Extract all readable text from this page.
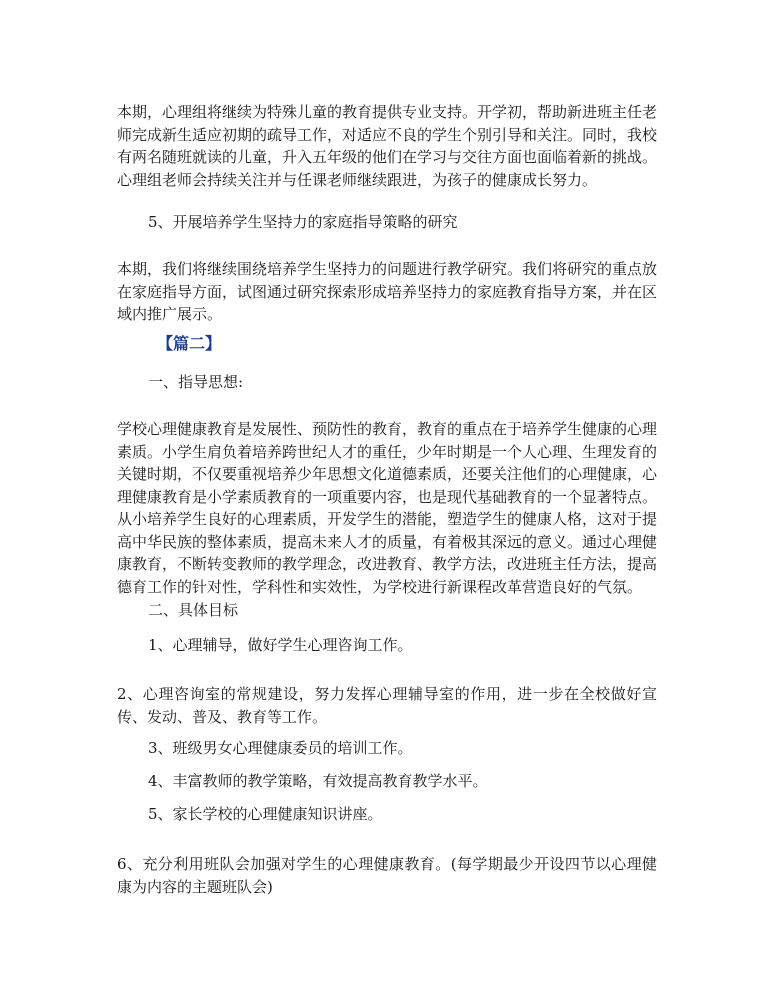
本期，心理组将继续为特殊儿童的教育提供专业支持。开学初，帮助新进班主任老师完成新生适应初期的疏导工作，对适应不良的学生个别引导和关注。同时，我校有两名随班就读的儿童，升入五年级的他们在学习与交往方面也面临着新的挑战。心理组老师会持续关注并与任课老师继续跟进，为孩子的健康成长努力。

5、开展培养学生坚持力的家庭指导策略的研究

本期，我们将继续围绕培养学生坚持力的问题进行教学研究。我们将研究的重点放在家庭指导方面，试图通过研究探索形成培养坚持力的家庭教育指导方案，并在区域内推广展示。

【篇二】

一、指导思想:

学校心理健康教育是发展性、预防性的教育，教育的重点在于培养学生健康的心理素质。小学生肩负着培养跨世纪人才的重任，少年时期是一个人心理、生理发育的关键时期，不仅要重视培养少年思想文化道德素质，还要关注他们的心理健康，心理健康教育是小学素质教育的一项重要内容，也是现代基础教育的一个显著特点。从小培养学生良好的心理素质，开发学生的潜能，塑造学生的健康人格，这对于提高中华民族的整体素质，提高未来人才的质量，有着极其深远的意义。通过心理健康教育，不断转变教师的教学理念，改进教育、教学方法，改进班主任方法，提高德育工作的针对性，学科性和实效性，为学校进行新课程改革营造良好的气氛。

二、具体目标

1、心理辅导，做好学生心理咨询工作。

2、心理咨询室的常规建设，努力发挥心理辅导室的作用，进一步在全校做好宣传、发动、普及、教育等工作。

3、班级男女心理健康委员的培训工作。

4、丰富教师的教学策略，有效提高教育教学水平。

5、家长学校的心理健康知识讲座。

6、充分利用班队会加强对学生的心理健康教育。(每学期最少开设四节以心理健康为内容的主题班队会)
